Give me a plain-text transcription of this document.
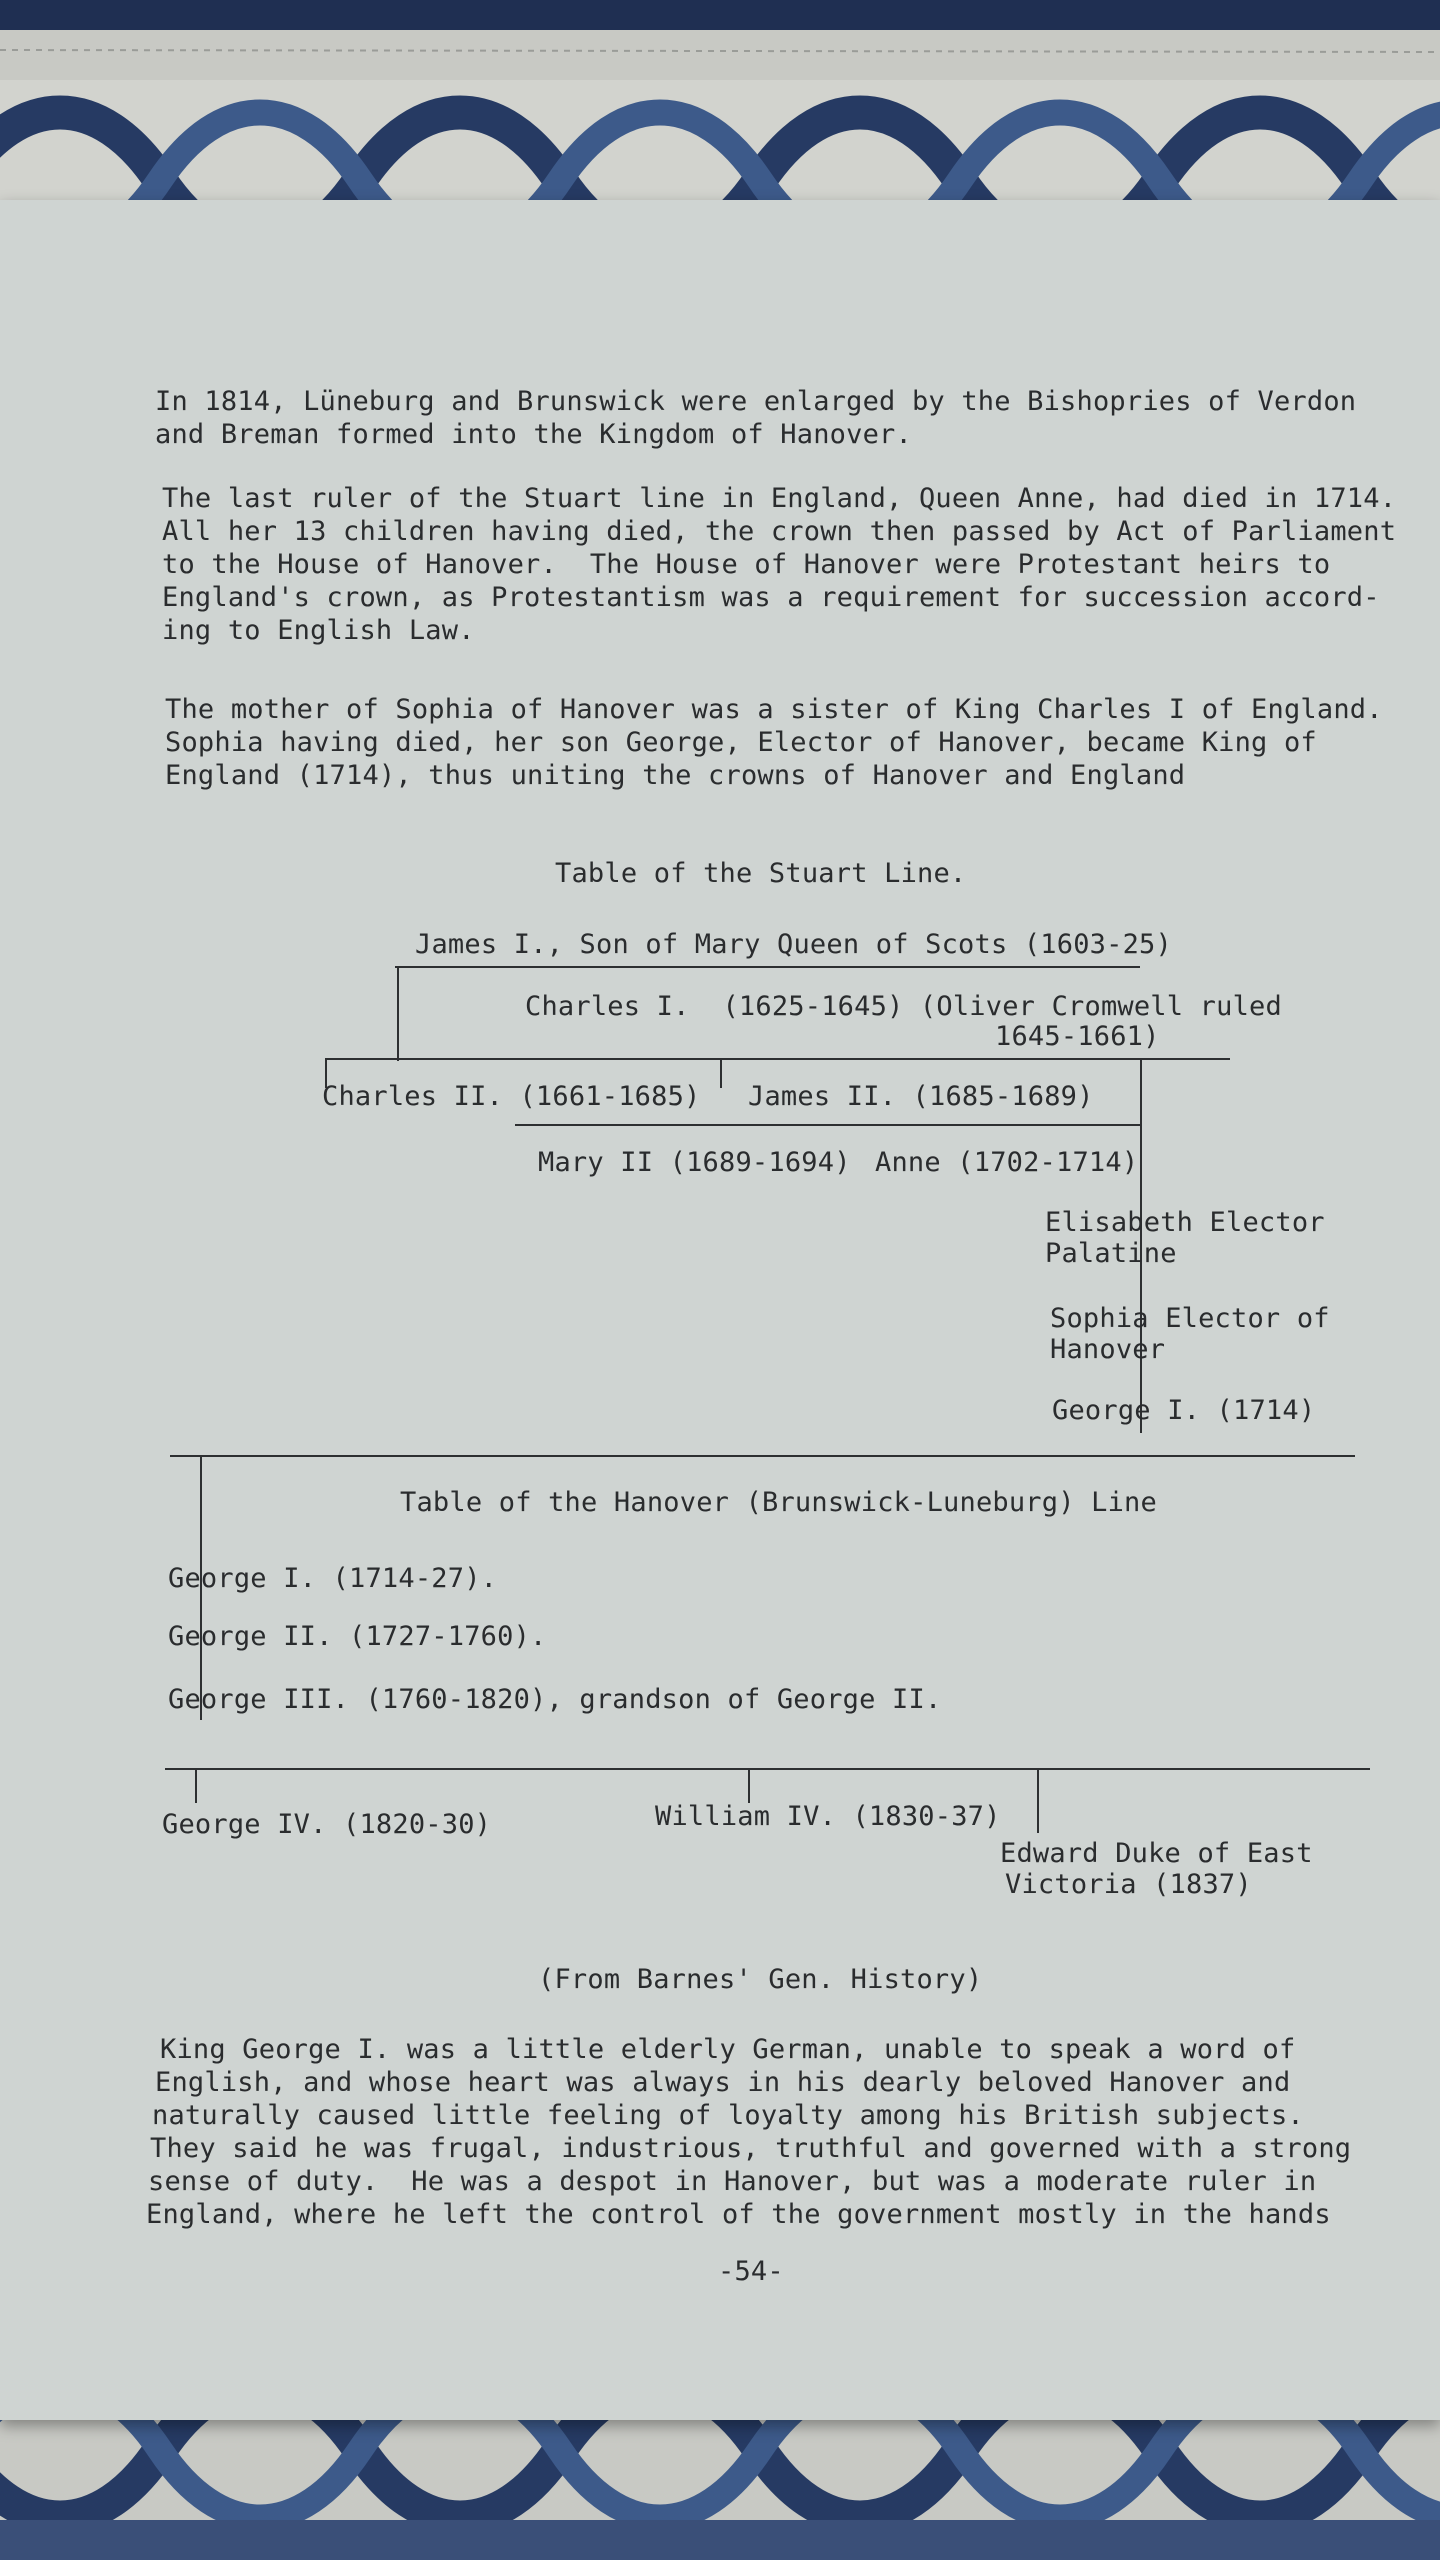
In 1814, Lüneburg and Brunswick were enlarged by the Bishopries of Verdon

and Breman formed into the Kingdom of Hanover.

The last ruler of the Stuart line in England, Queen Anne, had died in 1714.

All her 13 children having died, the crown then passed by Act of Parliament

to the House of Hanover.  The House of Hanover were Protestant heirs to

England's crown, as Protestantism was a requirement for succession accord-

ing to English Law.

The mother of Sophia of Hanover was a sister of King Charles I of England.

Sophia having died, her son George, Elector of Hanover, became King of

England (1714), thus uniting the crowns of Hanover and England

Table of the Stuart Line.

James I., Son of Mary Queen of Scots (1603-25)

Charles I.  (1625-1645) (Oliver Cromwell ruled

1645-1661)

Charles II. (1661-1685) James II. (1685-1689)

Mary II (1689-1694) Anne (1702-1714)

Elisabeth Elector

Palatine

Sophia Elector of

Hanover

George I. (1714)

Table of the Hanover (Brunswick-Luneburg) Line

George I. (1714-27).

George II. (1727-1760).

George III. (1760-1820), grandson of George II.

George IV. (1820-30)	William IV. (1830-37)

Edward Duke of East

Victoria (1837)

(From Barnes' Gen. History)

King George I. was a little elderly German, unable to speak a word of

English, and whose heart was always in his dearly beloved Hanover and

naturally caused little feeling of loyalty among his British subjects.

They said he was frugal, industrious, truthful and governed with a strong

sense of duty.  He was a despot in Hanover, but was a moderate ruler in

England, where he left the control of the government mostly in the hands

-54-
